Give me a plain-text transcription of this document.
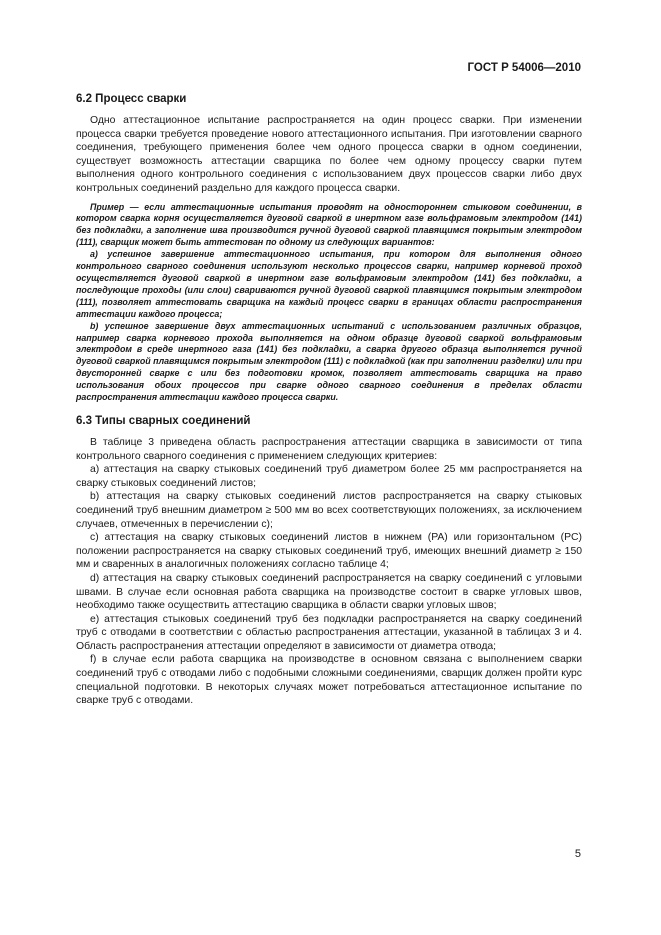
ГОСТ Р 54006—2010
6.2 Процесс сварки

Одно аттестационное испытание распространяется на один процесс сварки. При изменении процесса сварки требуется проведение нового аттестационного испытания. При изготовлении сварного соединения, требующего применения более чем одного процесса сварки в одном соединении, существует возможность аттестации сварщика по более чем одному процессу сварки путем выполнения одного контрольного соединения с использованием двух процессов сварки либо двух контрольных соединений раздельно для каждого процесса сварки.

Пример — если аттестационные испытания проводят на одностороннем стыковом соединении, в котором сварка корня осуществляется дуговой сваркой в инертном газе вольфрамовым электродом (141) без подкладки, а заполнение шва производится ручной дуговой сваркой плавящимся покрытым электродом (111), сварщик может быть аттестован по одному из следующих вариантов:

a) успешное завершение аттестационного испытания, при котором для выполнения одного контрольного сварного соединения используют несколько процессов сварки, например корневой проход осуществляется дуговой сваркой в инертном газе вольфрамовым электродом (141) без подкладки, а последующие проходы (или слои) свариваются ручной дуговой сваркой плавящимся покрытым электродом (111), позволяет аттестовать сварщика на каждый процесс сварки в границах области распространения аттестации каждого процесса;

b) успешное завершение двух аттестационных испытаний с использованием различных образцов, например сварка корневого прохода выполняется на одном образце дуговой сваркой вольфрамовым электродом в среде инертного газа (141) без подкладки, а сварка другого образца выполняется ручной дуговой сваркой плавящимся покрытым электродом (111) с подкладкой (как при заполнении разделки) или при двусторонней сварке с или без подготовки кромок, позволяет аттестовать сварщика на право использования обоих процессов при сварке одного сварного соединения в пределах области распространения аттестации каждого процесса сварки.

6.3 Типы сварных соединений

В таблице 3 приведена область распространения аттестации сварщика в зависимости от типа контрольного сварного соединения с применением следующих критериев:

a) аттестация на сварку стыковых соединений труб диаметром более 25 мм распространяется на сварку стыковых соединений листов;

b) аттестация на сварку стыковых соединений листов распространяется на сварку стыковых соединений труб внешним диаметром ≥ 500 мм во всех соответствующих положениях, за исключением случаев, отмеченных в перечислении c);

c) аттестация на сварку стыковых соединений листов в нижнем (PA) или горизонтальном (PC) положении распространяется на сварку стыковых соединений труб, имеющих внешний диаметр ≥ 150 мм и сваренных в аналогичных положениях согласно таблице 4;

d) аттестация на сварку стыковых соединений распространяется на сварку соединений с угловыми швами. В случае если основная работа сварщика на производстве состоит в сварке угловых швов, необходимо также осуществить аттестацию сварщика в области сварки угловых швов;

e) аттестация стыковых соединений труб без подкладки распространяется на сварку соединений труб с отводами в соответствии с областью распространения аттестации, указанной в таблицах 3 и 4. Область распространения аттестации определяют в зависимости от диаметра отвода;

f) в случае если работа сварщика на производстве в основном связана с выполнением сварки соединений труб с отводами либо с подобными сложными соединениями, сварщик должен пройти курс специальной подготовки. В некоторых случаях может потребоваться аттестационное испытание по сварке труб с отводами.

5
